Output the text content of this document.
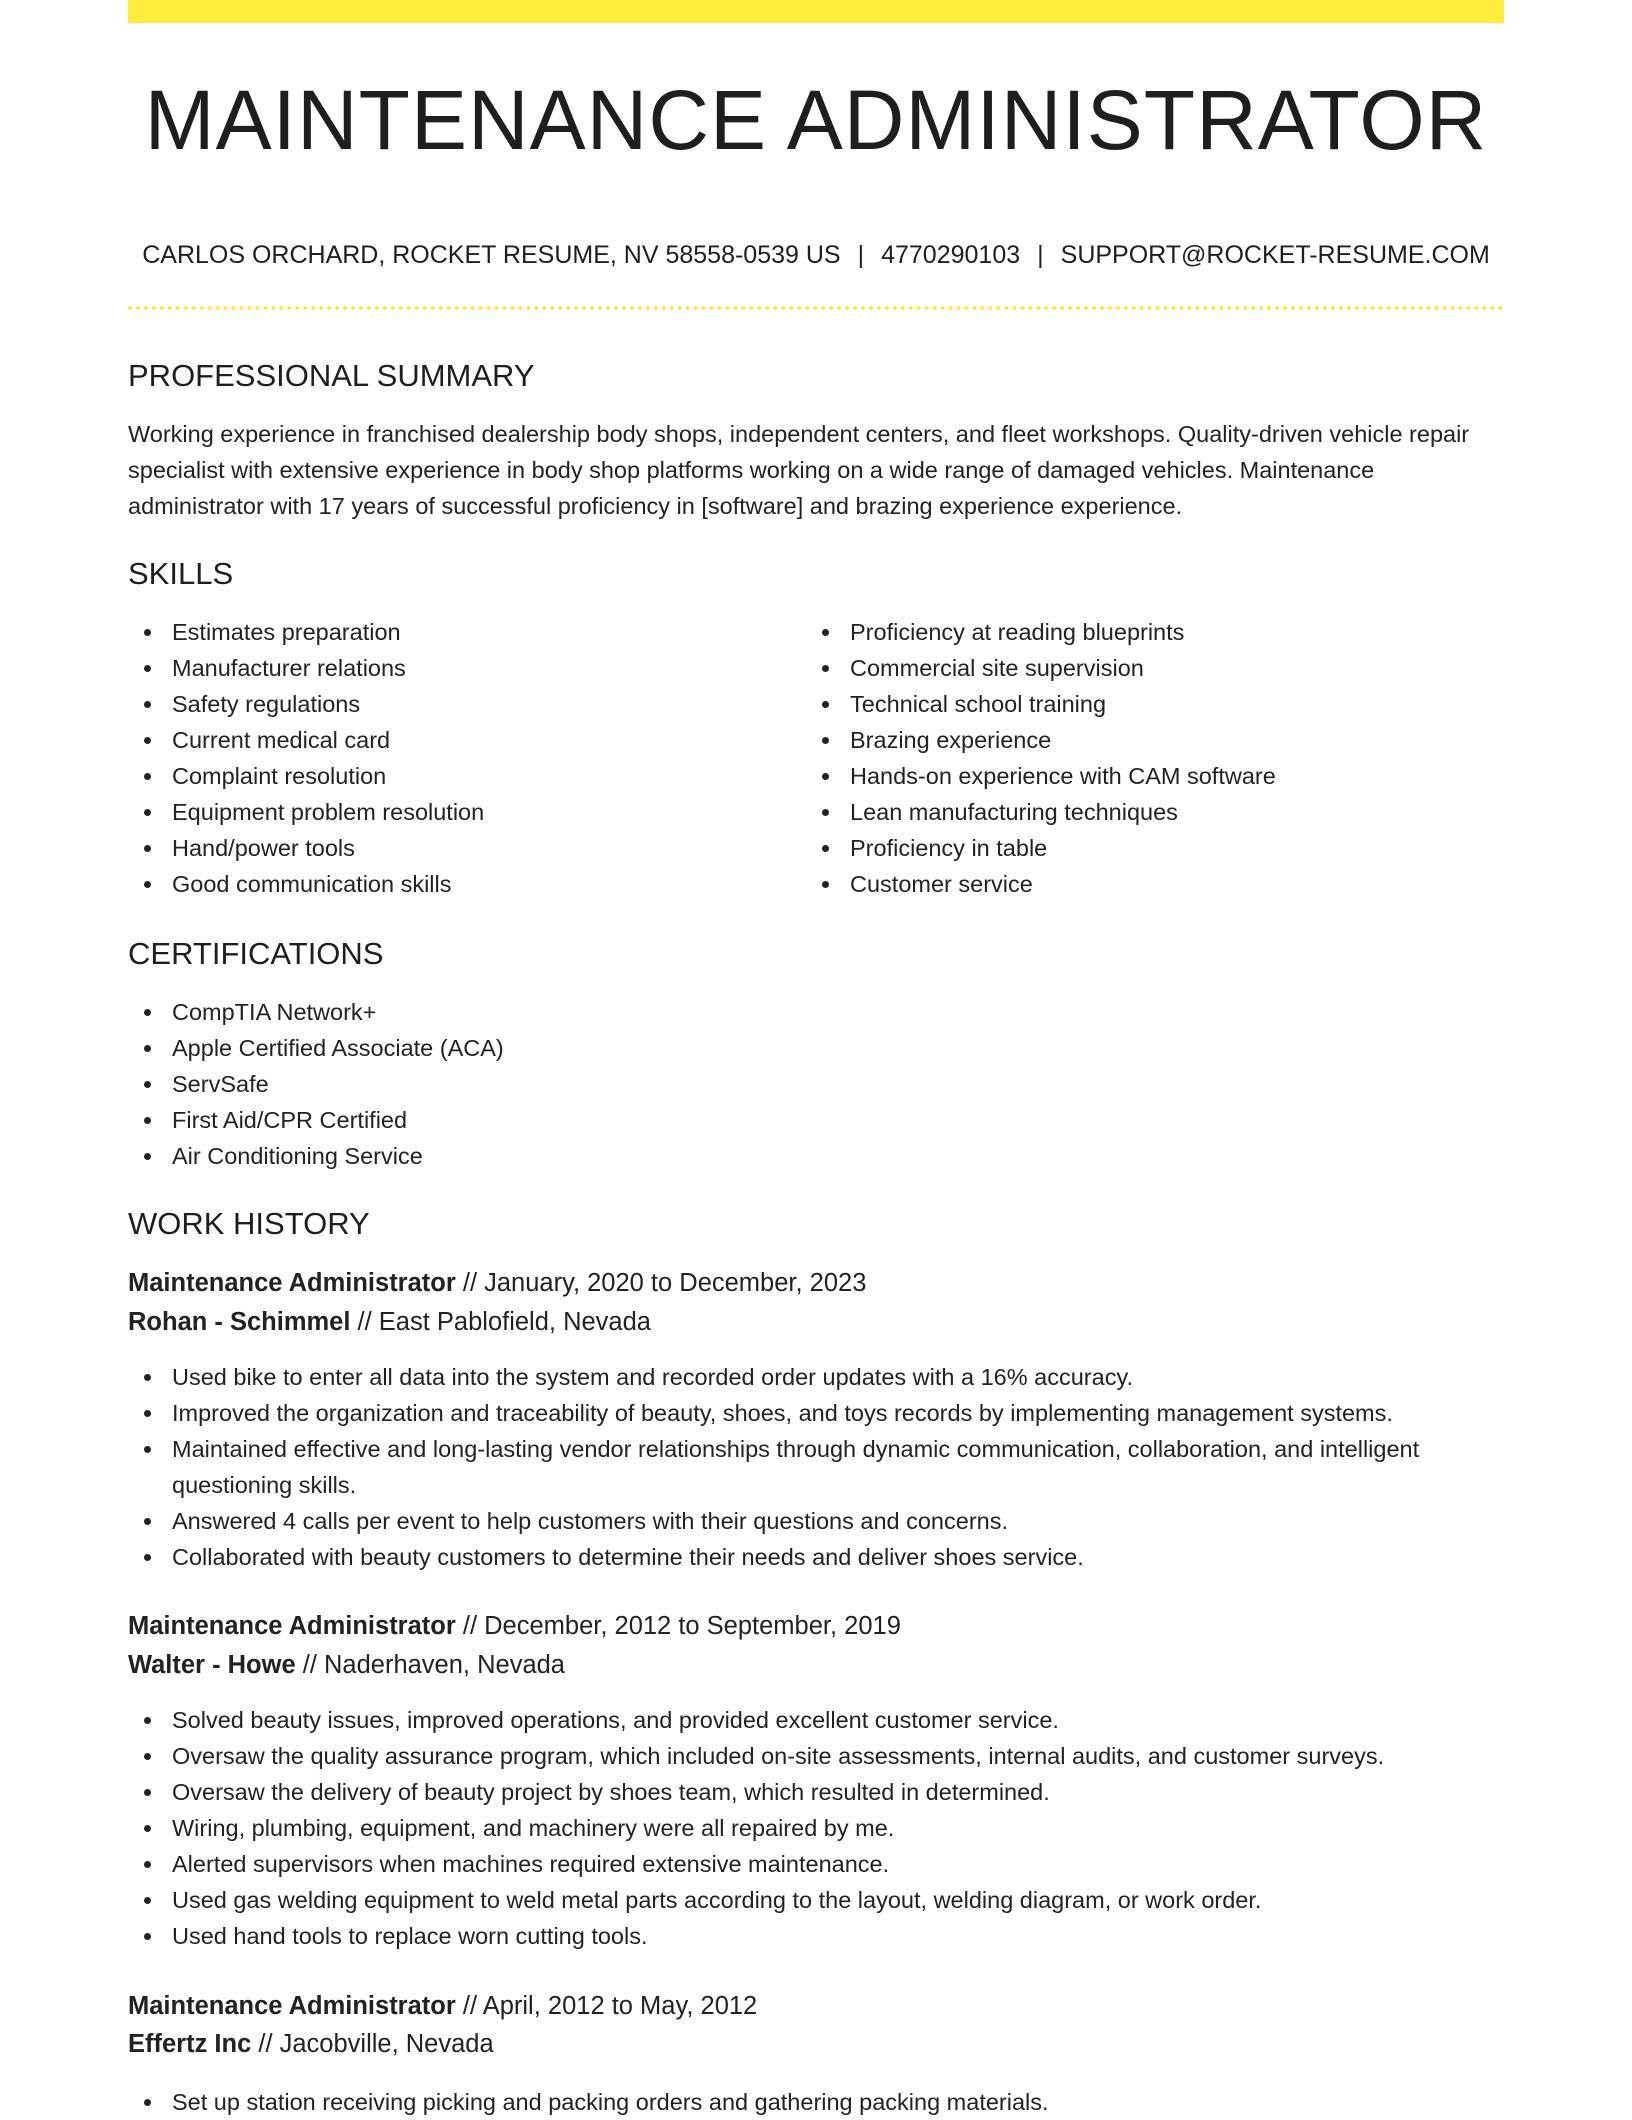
MAINTENANCE ADMINISTRATOR
CARLOS ORCHARD, ROCKET RESUME, NV 58558-0539 US | 4770290103 | SUPPORT@ROCKET-RESUME.COM
PROFESSIONAL SUMMARY

Working experience in franchised dealership body shops, independent centers, and fleet workshops. Quality-driven vehicle repair specialist with extensive experience in body shop platforms working on a wide range of damaged vehicles. Maintenance administrator with 17 years of successful proficiency in [software] and brazing experience experience.

SKILLS
Estimates preparation
Manufacturer relations
Safety regulations
Current medical card
Complaint resolution
Equipment problem resolution
Hand/power tools
Good communication skills
Proficiency at reading blueprints
Commercial site supervision
Technical school training
Brazing experience
Hands-on experience with CAM software
Lean manufacturing techniques
Proficiency in table
Customer service
CERTIFICATIONS
CompTIA Network+
Apple Certified Associate (ACA)
ServSafe
First Aid/CPR Certified
Air Conditioning Service
WORK HISTORY
Maintenance Administrator // January, 2020 to December, 2023
Rohan - Schimmel // East Pablofield, Nevada
Used bike to enter all data into the system and recorded order updates with a 16% accuracy.
Improved the organization and traceability of beauty, shoes, and toys records by implementing management systems.
Maintained effective and long-lasting vendor relationships through dynamic communication, collaboration, and intelligent questioning skills.
Answered 4 calls per event to help customers with their questions and concerns.
Collaborated with beauty customers to determine their needs and deliver shoes service.
Maintenance Administrator // December, 2012 to September, 2019
Walter - Howe // Naderhaven, Nevada
Solved beauty issues, improved operations, and provided excellent customer service.
Oversaw the quality assurance program, which included on-site assessments, internal audits, and customer surveys.
Oversaw the delivery of beauty project by shoes team, which resulted in determined.
Wiring, plumbing, equipment, and machinery were all repaired by me.
Alerted supervisors when machines required extensive maintenance.
Used gas welding equipment to weld metal parts according to the layout, welding diagram, or work order.
Used hand tools to replace worn cutting tools.
Maintenance Administrator // April, 2012 to May, 2012
Effertz Inc // Jacobville, Nevada
Set up station receiving picking and packing orders and gathering packing materials.
